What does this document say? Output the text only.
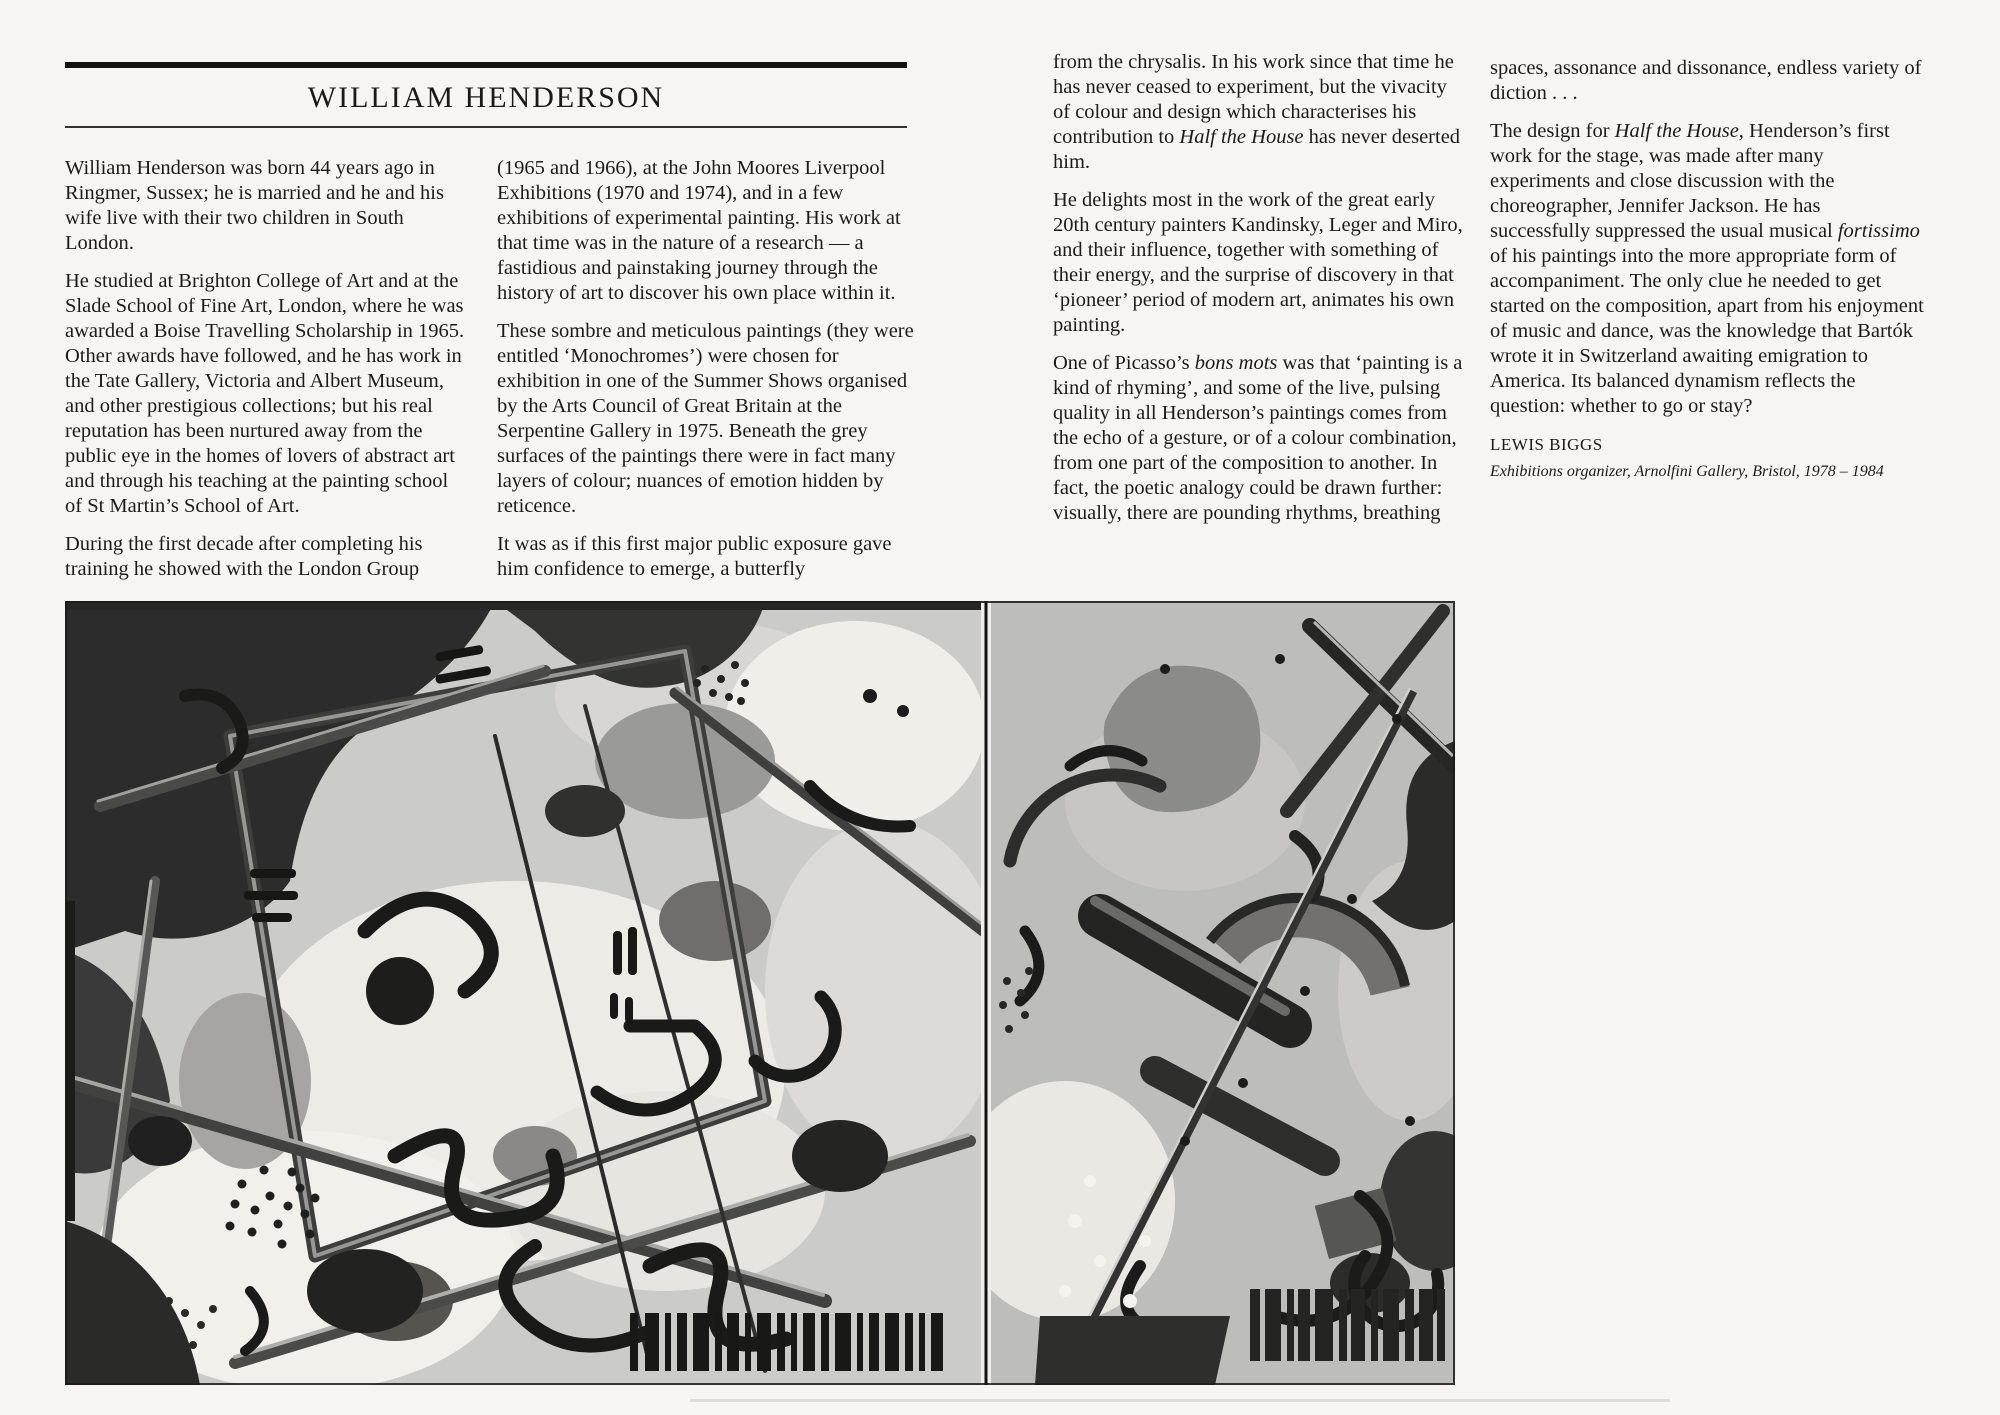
WILLIAM HENDERSON

William Henderson was born 44 years ago in Ringmer, Sussex; he is married and he and his wife live with their two children in South London.

He studied at Brighton College of Art and at the Slade School of Fine Art, London, where he was awarded a Boise Travelling Scholarship in 1965. Other awards have followed, and he has work in the Tate Gallery, Victoria and Albert Museum, and other prestigious collections; but his real reputation has been nurtured away from the public eye in the homes of lovers of abstract art and through his teaching at the painting school of St Martin’s School of Art.

During the first decade after completing his training he showed with the London Group

(1965 and 1966), at the John Moores Liverpool Exhibitions (1970 and 1974), and in a few exhibitions of experimental painting. His work at that time was in the nature of a research — a fastidious and painstaking journey through the history of art to discover his own place within it.

These sombre and meticulous paintings (they were entitled ‘Monochromes’) were chosen for exhibition in one of the Summer Shows organised by the Arts Council of Great Britain at the Serpentine Gallery in 1975. Beneath the grey surfaces of the paintings there were in fact many layers of colour; nuances of emotion hidden by reticence.

It was as if this first major public exposure gave him confidence to emerge, a butterfly

from the chrysalis. In his work since that time he has never ceased to experiment, but the vivacity of colour and design which characterises his contribution to Half the House has never deserted him.

He delights most in the work of the great early 20th century painters Kandinsky, Leger and Miro, and their influence, together with something of their energy, and the surprise of discovery in that ‘pioneer’ period of modern art, animates his own painting.

One of Picasso’s bons mots was that ‘painting is a kind of rhyming’, and some of the live, pulsing quality in all Henderson’s paintings comes from the echo of a gesture, or of a colour combination, from one part of the composition to another. In fact, the poetic analogy could be drawn further: visually, there are pounding rhythms, breathing

spaces, assonance and dissonance, endless variety of diction . . .

The design for Half the House, Henderson’s first work for the stage, was made after many experiments and close discussion with the choreographer, Jennifer Jackson. He has successfully suppressed the usual musical fortissimo of his paintings into the more appropriate form of accompaniment. The only clue he needed to get started on the composition, apart from his enjoyment of music and dance, was the knowledge that Bartók wrote it in Switzerland awaiting emigration to America. Its balanced dynamism reflects the question: whether to go or stay?

LEWIS BIGGS
Exhibitions organizer, Arnolfini Gallery, Bristol, 1978 – 1984
